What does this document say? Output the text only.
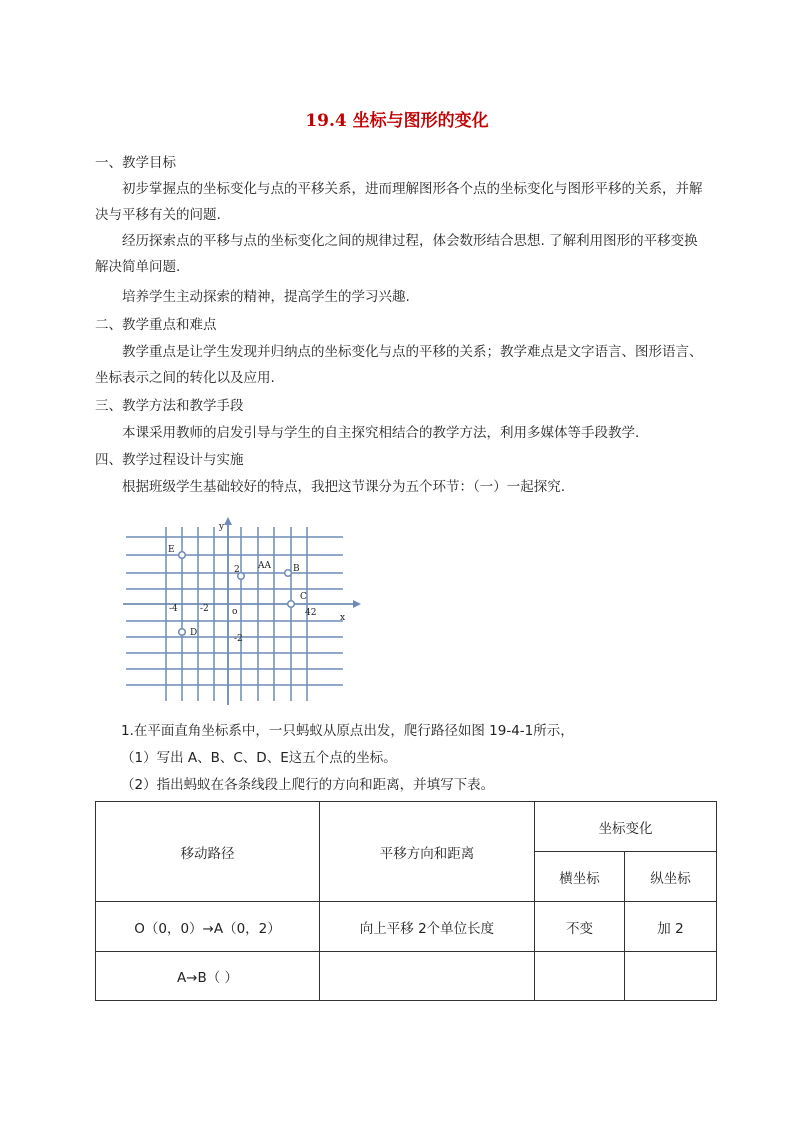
19.4 坐标与图形的变化

一、教学目标

初步掌握点的坐标变化与点的平移关系，进而理解图形各个点的坐标变化与图形平移的关系，并解决与平移有关的问题.

经历探索点的平移与点的坐标变化之间的规律过程，体会数形结合思想. 了解利用图形的平移变换解决简单问题.

培养学生主动探索的精神，提高学生的学习兴趣.

二、教学重点和难点

教学重点是让学生发现并归纳点的坐标变化与点的平移的关系；教学难点是文字语言、图形语言、坐标表示之间的转化以及应用.

三、教学方法和教学手段

本课采用教师的启发引导与学生的自主探究相结合的教学方法，利用多媒体等手段教学.

四、教学过程设计与实施

根据班级学生基础较好的特点，我把这节课分为五个环节：（一）一起探究.

y
x
o
E
D
B
C
AA
2
-2
-4
-2
42

1.在平面直角坐标系中，一只蚂蚁从原点出发，爬行路径如图 19-4-1所示，

（1）写出 A、B、C、D、E这五个点的坐标。

（2）指出蚂蚁在各条线段上爬行的方向和距离，并填写下表。

移动路径	平移方向和距离	坐标变化	
		横坐标	纵坐标
O（0，0）→A（0，2）	向上平移 2个单位长度	不变	加 2
A→B（ ）			
